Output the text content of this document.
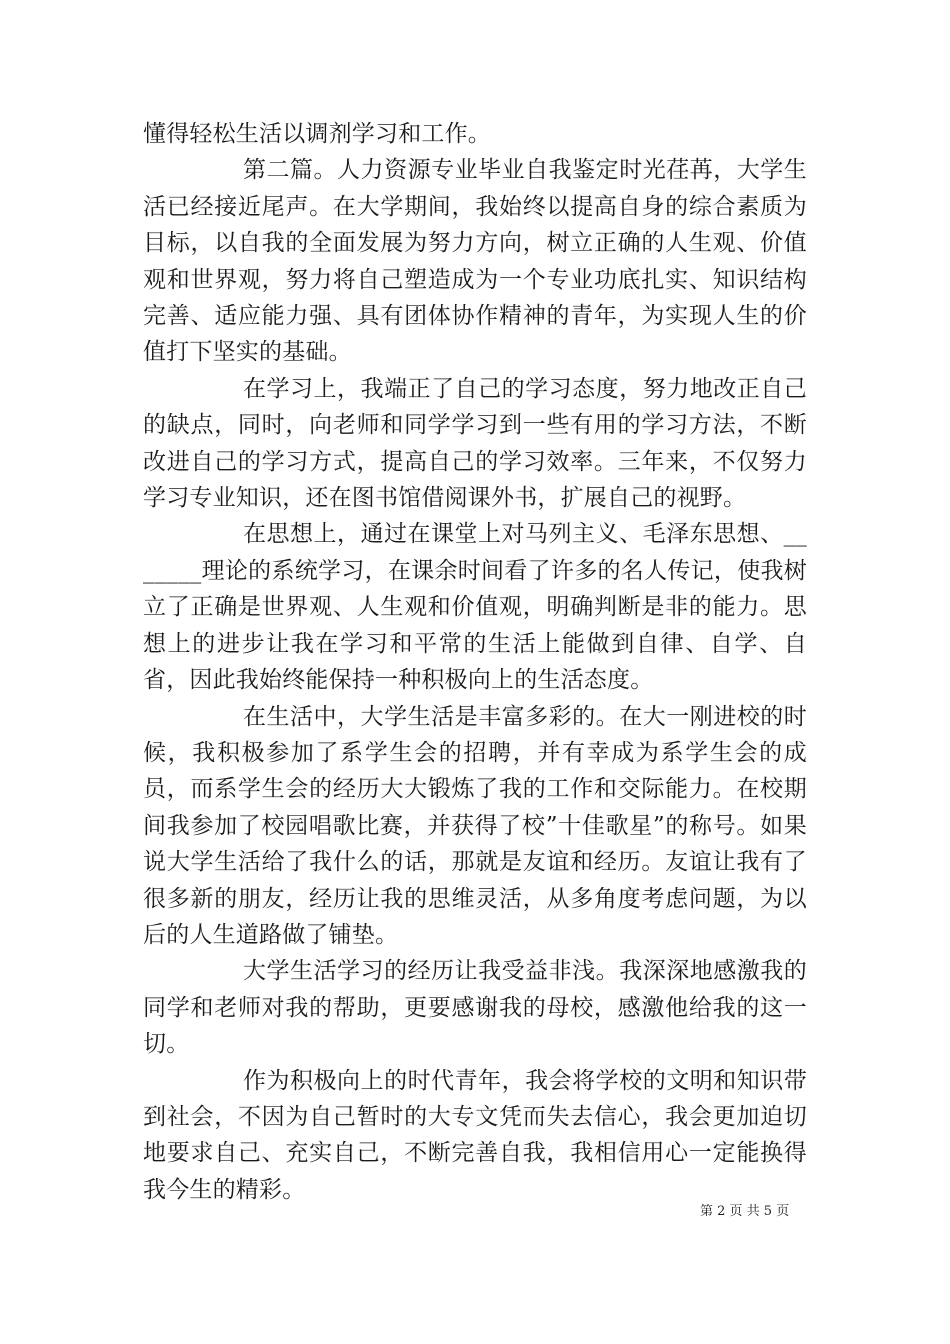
懂得轻松生活以调剂学习和工作。

第二篇。人力资源专业毕业自我鉴定时光荏苒，大学生活已经接近尾声。在大学期间，我始终以提高自身的综合素质为目标，以自我的全面发展为努力方向，树立正确的人生观、价值观和世界观，努力将自己塑造成为一个专业功底扎实、知识结构完善、适应能力强、具有团体协作精神的青年，为实现人生的价值打下坚实的基础。

在学习上，我端正了自己的学习态度，努力地改正自己的缺点，同时，向老师和同学学习到一些有用的学习方法，不断改进自己的学习方式，提高自己的学习效率。三年来，不仅努力学习专业知识，还在图书馆借阅课外书，扩展自己的视野。

在思想上，通过在课堂上对马列主义、毛泽东思想、_______理论的系统学习，在课余时间看了许多的名人传记，使我树立了正确是世界观、人生观和价值观，明确判断是非的能力。思想上的进步让我在学习和平常的生活上能做到自律、自学、自省，因此我始终能保持一种积极向上的生活态度。

在生活中，大学生活是丰富多彩的。在大一刚进校的时候，我积极参加了系学生会的招聘，并有幸成为系学生会的成员，而系学生会的经历大大锻炼了我的工作和交际能力。在校期间我参加了校园唱歌比赛，并获得了校”十佳歌星”的称号。如果说大学生活给了我什么的话，那就是友谊和经历。友谊让我有了很多新的朋友，经历让我的思维灵活，从多角度考虑问题，为以后的人生道路做了铺垫。

大学生活学习的经历让我受益非浅。我深深地感激我的同学和老师对我的帮助，更要感谢我的母校，感激他给我的这一切。

作为积极向上的时代青年，我会将学校的文明和知识带到社会，不因为自己暂时的大专文凭而失去信心，我会更加迫切地要求自己、充实自己，不断完善自我，我相信用心一定能换得我今生的精彩。

第 2 页 共 5 页
